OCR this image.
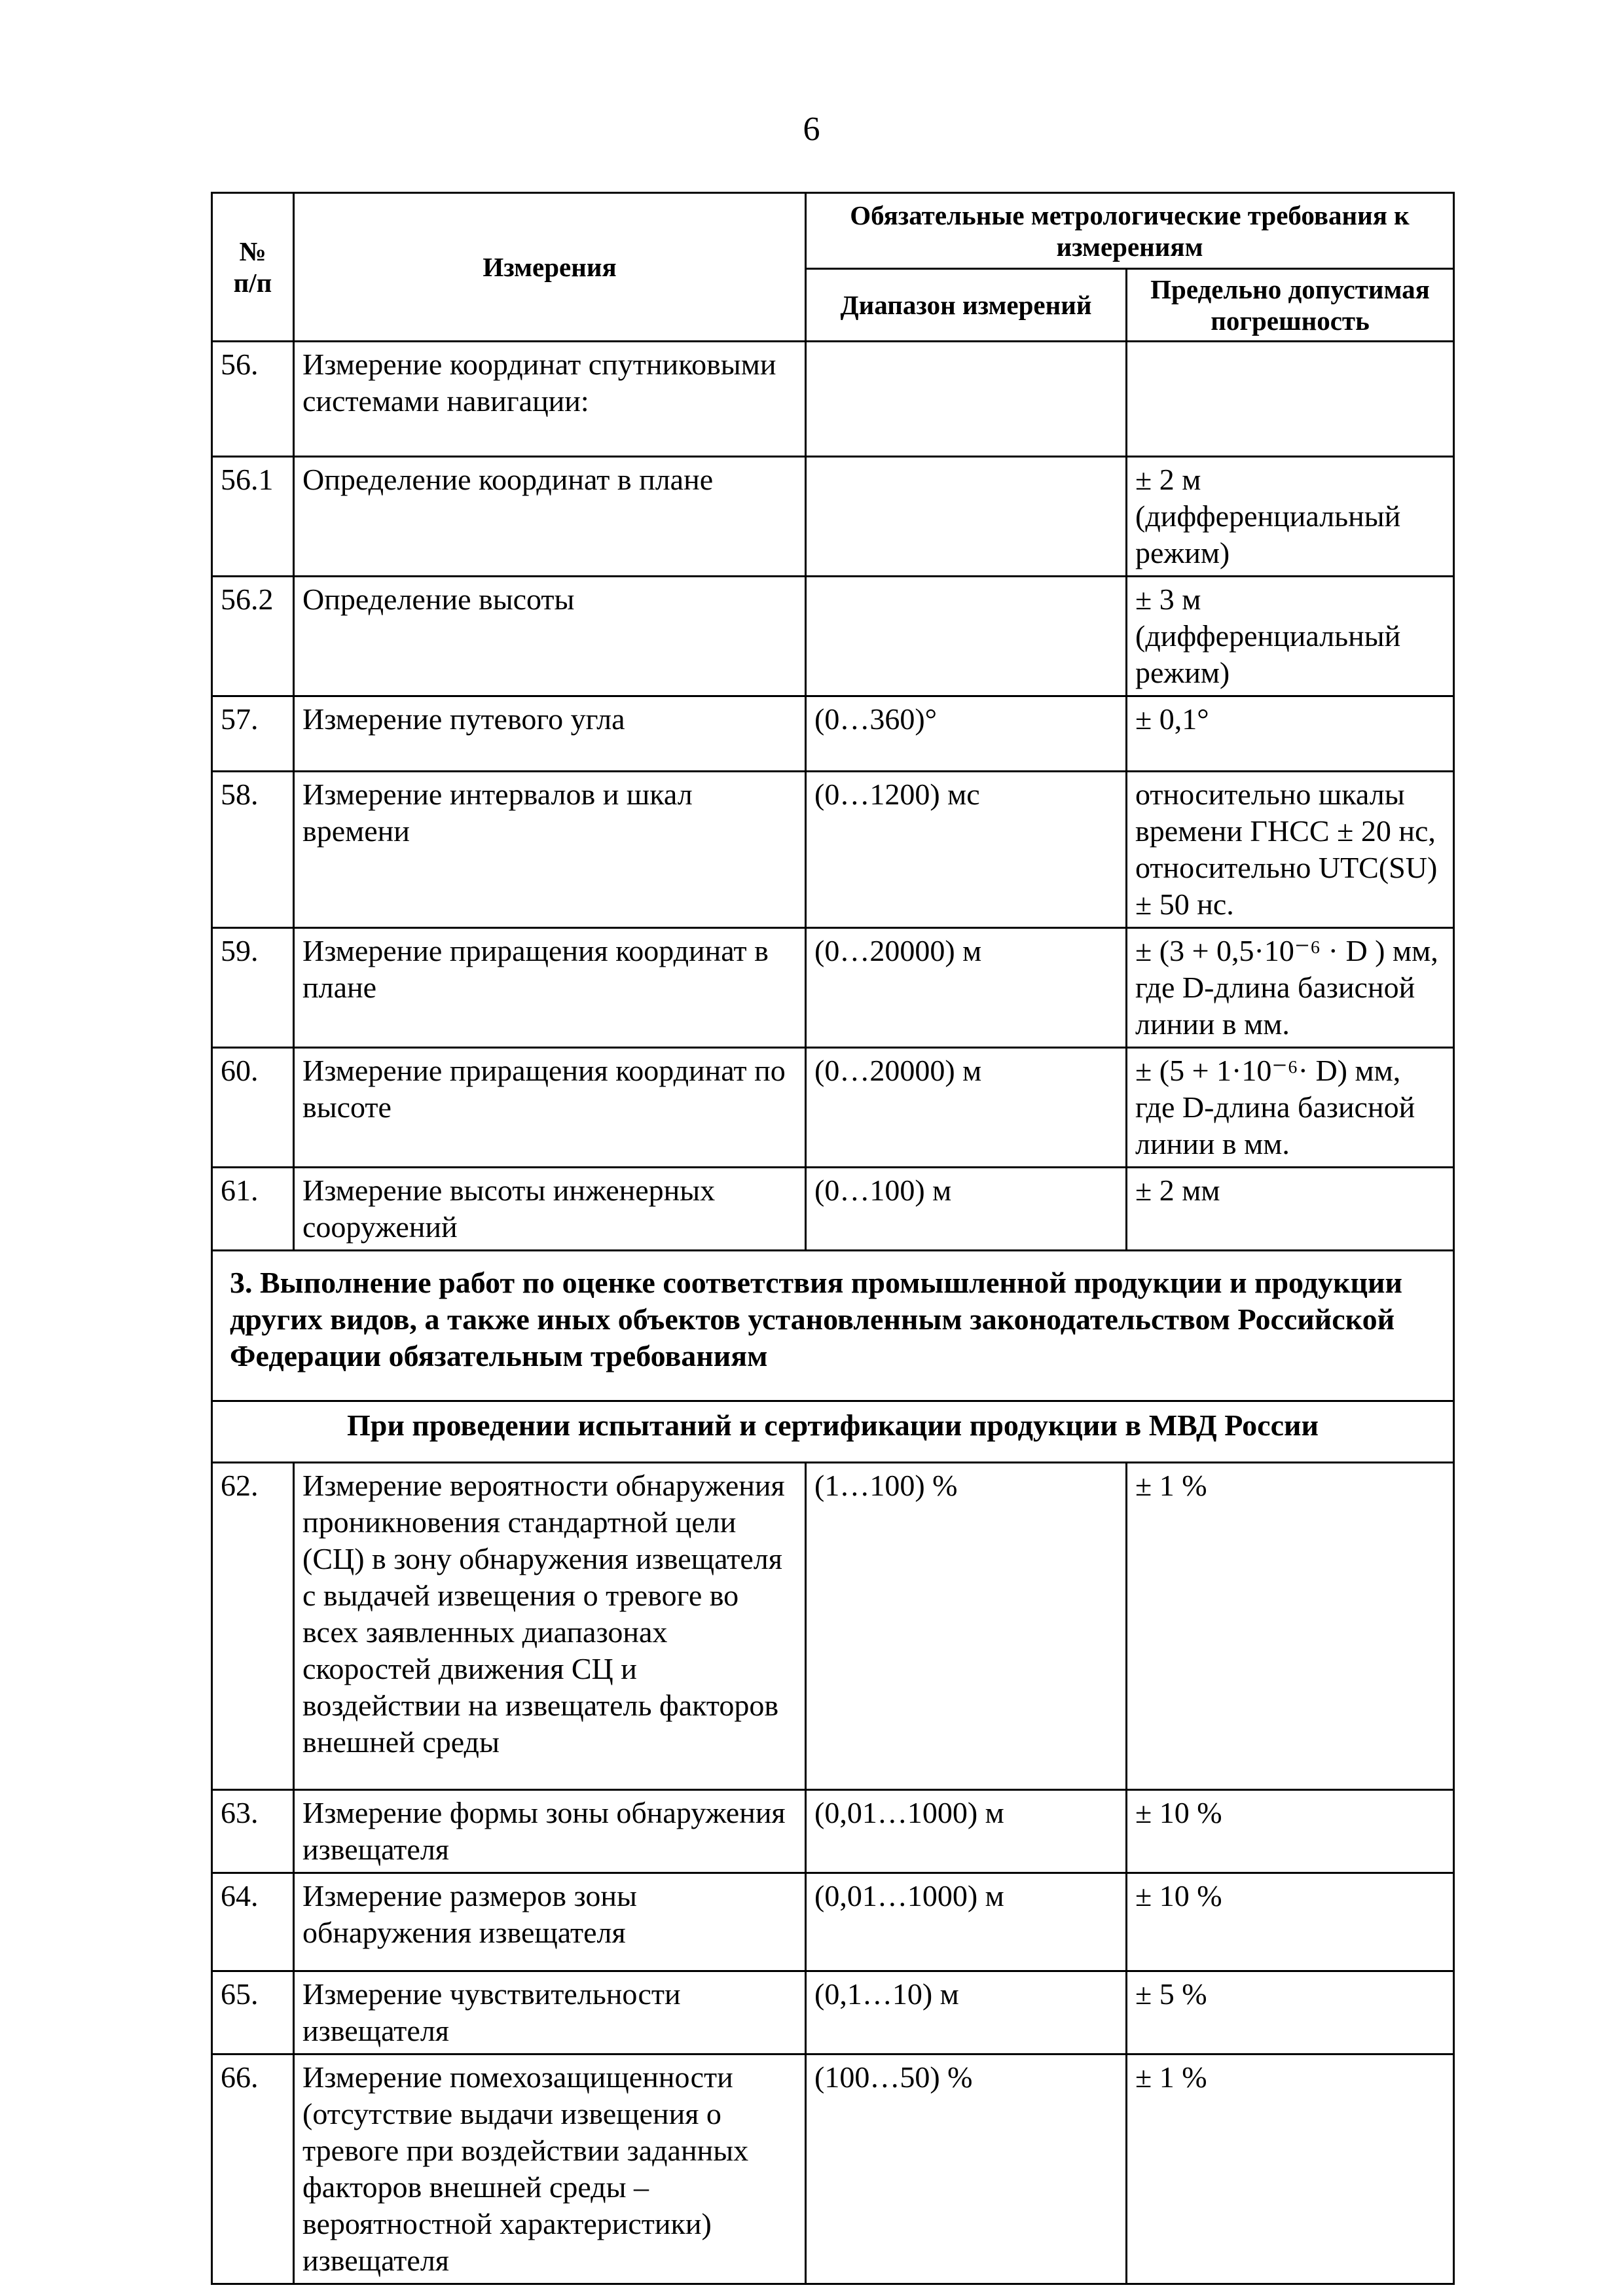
6
№
п/п	Измерения	Обязательные метрологические требования к измерениям	
		Диапазон измерений	Предельно допустимая погрешность
56.	Измерение координат спутниковыми системами навигации:		
56.1	Определение координат в плане		± 2 м (дифференциальный режим)
56.2	Определение высоты		± 3 м (дифференциальный режим)
57.	Измерение путевого угла	(0…360)°	± 0,1°
58.	Измерение интервалов и шкал времени	(0…1200) мс	относительно шкалы времени ГНСС ± 20 нс, относительно UTC(SU) ± 50 нс.
59.	Измерение приращения координат в плане	(0…20000) м	± (3 + 0,5·10⁻⁶ · D ) мм, где D-длина базисной линии в мм.
60.	Измерение приращения координат по высоте	(0…20000) м	± (5 + 1·10⁻⁶· D) мм, где D-длина базисной линии в мм.
61.	Измерение высоты инженерных сооружений	(0…100) м	± 2 мм
3. Выполнение работ по оценке соответствия промышленной продукции и продукции других видов, а также иных объектов установленным законодательством Российской Федерации обязательным требованиям			
При проведении испытаний и сертификации продукции в МВД России			
62.	Измерение вероятности обнаружения проникновения стандартной цели (СЦ) в зону обнаружения извещателя с выдачей извещения о тревоге во всех заявленных диапазонах скоростей движения СЦ и воздействии на извещатель факторов внешней среды	(1…100) %	± 1 %
63.	Измерение формы зоны обнаружения извещателя	(0,01…1000) м	± 10 %
64.	Измерение размеров зоны обнаружения извещателя	(0,01…1000) м	± 10 %
65.	Измерение чувствительности извещателя	(0,1…10) м	± 5 %
66.	Измерение помехозащищенности (отсутствие выдачи извещения о тревоге при воздействии заданных факторов внешней среды – вероятностной характеристики) извещателя	(100…50) %	± 1 %
